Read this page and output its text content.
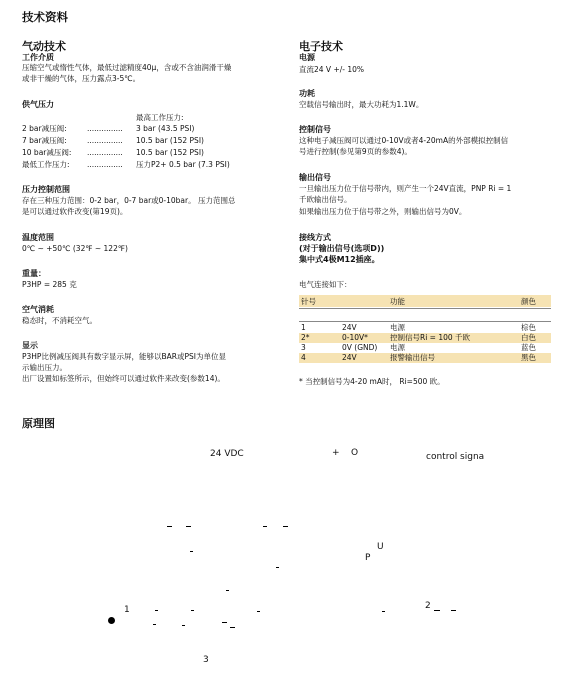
技术资料
气动技术
工作介质
压缩空气或惰性气体，最低过滤精度40μ，含或不含油润滑干燥
或非干燥的气体，压力露点3-5℃。
供气压力
最高工作压力:
2 bar减压阀:	............... 3 bar (43.5 PSI)
7 bar减压阀:	............... 10.5 bar (152 PSI)
10 bar减压阀: ............... 10.5 bar (152 PSI)
最低工作压力: ............... 压力P2+ 0.5 bar (7.3 PSI)
压力控制范围
存在三种压力范围：0-2 bar，0-7 bar或0-10bar。 压力范围总
是可以通过软件改变(第19页)。
温度范围
0℃ ~ +50℃ (32℉ ~ 122℉)
重量：
P3HP = 285 克
空气消耗
稳态时，不消耗空气。
显示
P3HP比例减压阀具有数字显示屏，能够以BAR或PSI为单位显
示输出压力。
出厂设置如标签所示，但始终可以通过软件来改变(参数14)。
电子技术
电源
直流24 V +/- 10%
功耗
空载信号输出时，最大功耗为1.1W。
控制信号
这种电子减压阀可以通过0-10V或者4-20mA的外部模拟控制信
号进行控制(参见第9页的参数4)。
输出信号
一旦输出压力位于信号带内，则产生一个24V直流，PNP Ri = 1
千欧输出信号。
如果输出压力位于信号带之外，则输出信号为0V。
接线方式
(对于输出信号(选项D))
集中式4极M12插座。
电气连接如下：
针号	功能	颜色
1	24V	电源	棕色
2*	0-10V*	控制信号Ri = 100 千欧	白色
3	0V (GND) 电源	蓝色
4	24V	报警输出信号	黑色
* 当控制信号为4-20 mA时， Ri=500 欧。
原理图
24 VDC	+ O	control signa
U
P
1	2
3
